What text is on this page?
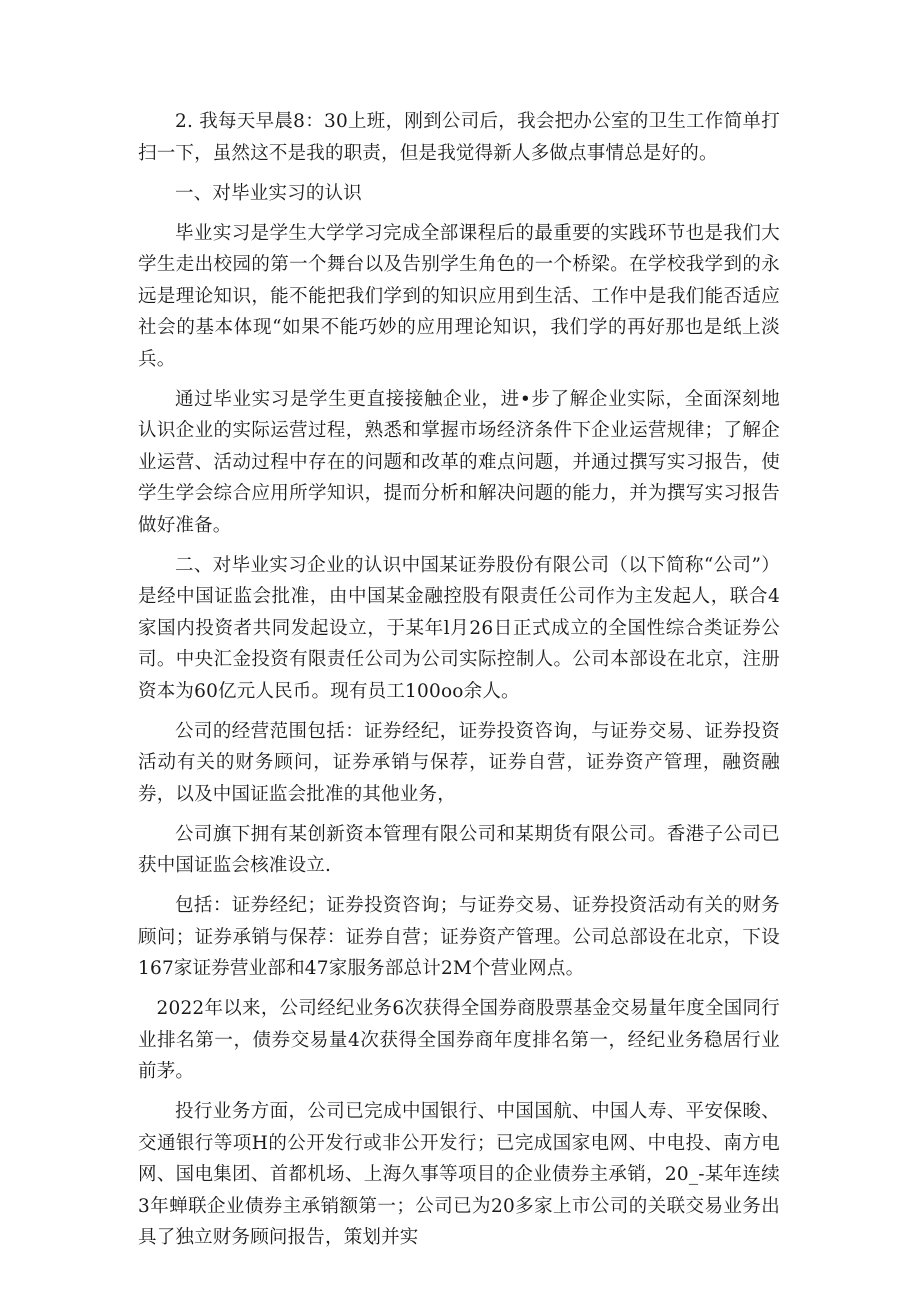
2. 我每天早晨8：30上班，刚到公司后，我会把办公室的卫生工作简单打扫一下，虽然这不是我的职责，但是我觉得新人多做点事情总是好的。

一、对毕业实习的认识

毕业实习是学生大学学习完成全部课程后的最重要的实践环节也是我们大学生走出校园的第一个舞台以及告别学生角色的一个桥梁。在学校我学到的永远是理论知识，能不能把我们学到的知识应用到生活、工作中是我们能否适应社会的基本体现“如果不能巧妙的应用理论知识，我们学的再好那也是纸上淡兵。

通过毕业实习是学生更直接接触企业，进•步了解企业实际，全面深刻地认识企业的实际运营过程，熟悉和掌握市场经济条件下企业运营规律；了解企业运营、活动过程中存在的问题和改革的难点问题，并通过撰写实习报告，使学生学会综合应用所学知识，提而分析和解决问题的能力，并为撰写实习报告做好准备。

二、对毕业实习企业的认识中国某证券股份有限公司（以下简称“公司”）是经中国证监会批准，由中国某金融控股有限责任公司作为主发起人，联合4家国内投资者共同发起设立，于某年l月26日正式成立的全国性综合类证券公司。中央汇金投资有限责任公司为公司实际控制人。公司本部设在北京，注册资本为60亿元人民币。现有员工100oo余人。

公司的经营范围包括：证券经纪，证券投资咨询，与证券交易、证券投资活动有关的财务顾问，证券承销与保荐，证券自营，证券资产管理，融资融券，以及中国证监会批准的其他业务，

公司旗下拥有某创新资本管理有限公司和某期货有限公司。香港子公司已获中国证监会核准设立.

包括：证券经纪；证券投资咨询；与证券交易、证券投资活动有关的财务顾问；证券承销与保荐：证券自营；证券资产管理。公司总部设在北京，下设167家证券营业部和47家服务部总计2M个营业网点。

2022年以来，公司经纪业务6次获得全国券商股票基金交易量年度全国同行业排名第一，债券交易量4次获得全国券商年度排名第一，经纪业务稳居行业前茅。

投行业务方面，公司已完成中国银行、中国国航、中国人寿、平安保晙、交通银行等项H的公开发行或非公开发行；已完成国家电网、中电投、南方电网、国电集团、首都机场、上海久事等项目的企业债券主承销，20_-某年连续3年蝉联企业债券主承销额第一；公司已为20多家上市公司的关联交易业务出具了独立财务顾问报告，策划并实
